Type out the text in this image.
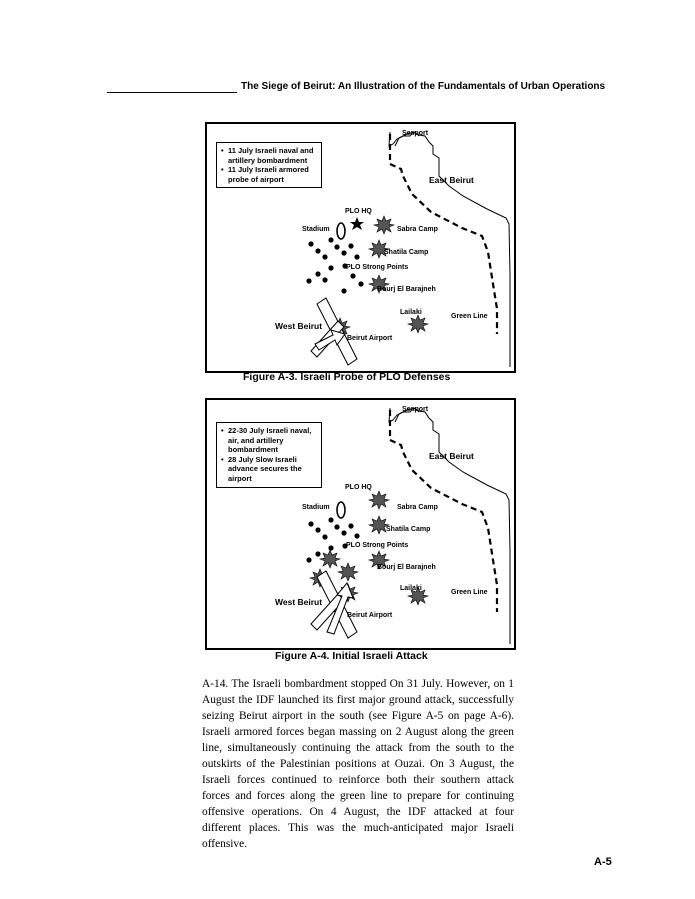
The Siege of Beirut: An Illustration of the Fundamentals of Urban Operations
Seaport
East Beirut
PLO HQ
Stadium	Sabra Camp
Shatila Camp
PLO Strong Points
Bourj El Barajneh
Lailaki
Green Line
West Beirut
Beirut Airport
• 11 July Israeli naval and artillery bombardment
• 11 July Israeli armored probe of airport
Figure A-3. Israeli Probe of PLO Defenses
Seaport
East Beirut
PLO HQ
Stadium	Sabra Camp
Shatila Camp
PLO Strong Points
Bourj El Barajneh
Lailaki
Green Line
West Beirut
Beirut Airport
• 22-30 July Israeli naval, air, and artillery bombardment
• 28 July Slow Israeli advance secures the airport
Figure A-4. Initial Israeli Attack
A-14. The Israeli bombardment stopped On 31 July. However, on 1 August the IDF launched its first major ground attack, successfully seizing Beirut airport in the south (see Figure A-5 on page A-6). Israeli armored forces began massing on 2 August along the green line, simultaneously continuing the attack from the south to the outskirts of the Palestinian positions at Ouzai. On 3 August, the Israeli forces continued to reinforce both their southern attack forces and forces along the green line to prepare for continuing offensive operations. On 4 August, the IDF attacked at four different places. This was the much-anticipated major Israeli offensive.
A-5
